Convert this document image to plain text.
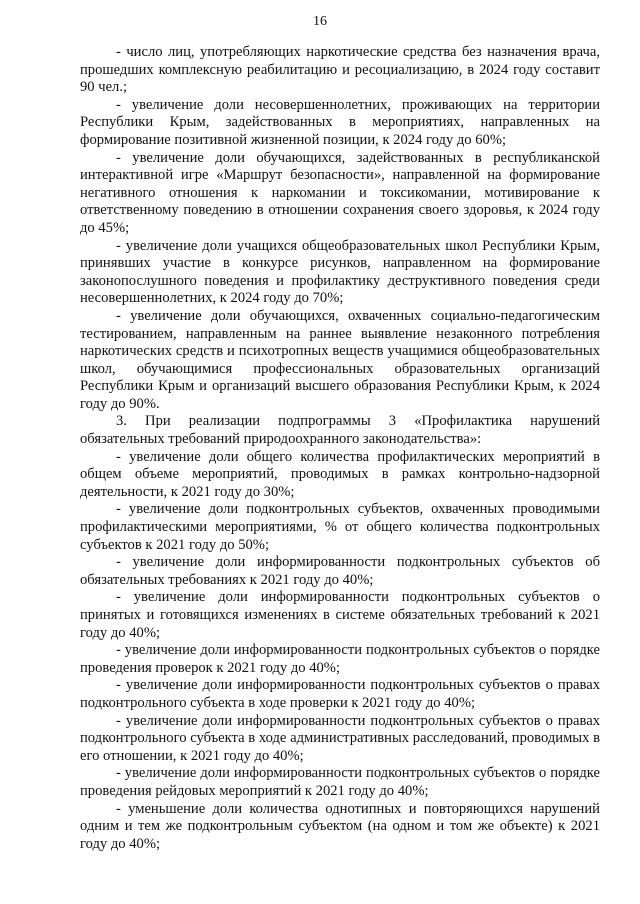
16

- число лиц, употребляющих наркотические средства без назначения врача, прошедших комплексную реабилитацию и ресоциализацию, в 2024 году составит 90 чел.;

- увеличение доли несовершеннолетних, проживающих на территории Республики Крым, задействованных в мероприятиях, направленных на формирование позитивной жизненной позиции, к 2024 году до 60%;

- увеличение доли обучающихся, задействованных в республиканской интерактивной игре «Маршрут безопасности», направленной на формирование негативного отношения к наркомании и токсикомании, мотивирование к ответственному поведению в отношении сохранения своего здоровья, к 2024 году до 45%;

- увеличение доли учащихся общеобразовательных школ Республики Крым, принявших участие в конкурсе рисунков, направленном на формирование законопослушного поведения и профилактику деструктивного поведения среди несовершеннолетних, к 2024 году до 70%;

- увеличение доли обучающихся, охваченных социально-педагогическим тестированием, направленным на раннее выявление незаконного потребления наркотических средств и психотропных веществ учащимися общеобразовательных школ, обучающимися профессиональных образовательных организаций Республики Крым и организаций высшего образования Республики Крым, к 2024 году до 90%.

3. При реализации подпрограммы 3 «Профилактика нарушений обязательных требований природоохранного законодательства»:

- увеличение доли общего количества профилактических мероприятий в общем объеме мероприятий, проводимых в рамках контрольно-надзорной деятельности, к 2021 году до 30%;

- увеличение доли подконтрольных субъектов, охваченных проводимыми профилактическими мероприятиями, % от общего количества подконтрольных субъектов к 2021 году до 50%;

- увеличение доли информированности подконтрольных субъектов об обязательных требованиях к 2021 году до 40%;

- увеличение доли информированности подконтрольных субъектов о принятых и готовящихся изменениях в системе обязательных требований к 2021 году до 40%;

- увеличение доли информированности подконтрольных субъектов о порядке проведения проверок к 2021 году до 40%;

- увеличение доли информированности подконтрольных субъектов о правах подконтрольного субъекта в ходе проверки к 2021 году до 40%;

- увеличение доли информированности подконтрольных субъектов о правах подконтрольного субъекта в ходе административных расследований, проводимых в его отношении, к 2021 году до 40%;

- увеличение доли информированности подконтрольных субъектов о порядке проведения рейдовых мероприятий к 2021 году до 40%;

- уменьшение доли количества однотипных и повторяющихся нарушений одним и тем же подконтрольным субъектом (на одном и том же объекте) к 2021 году до 40%;
